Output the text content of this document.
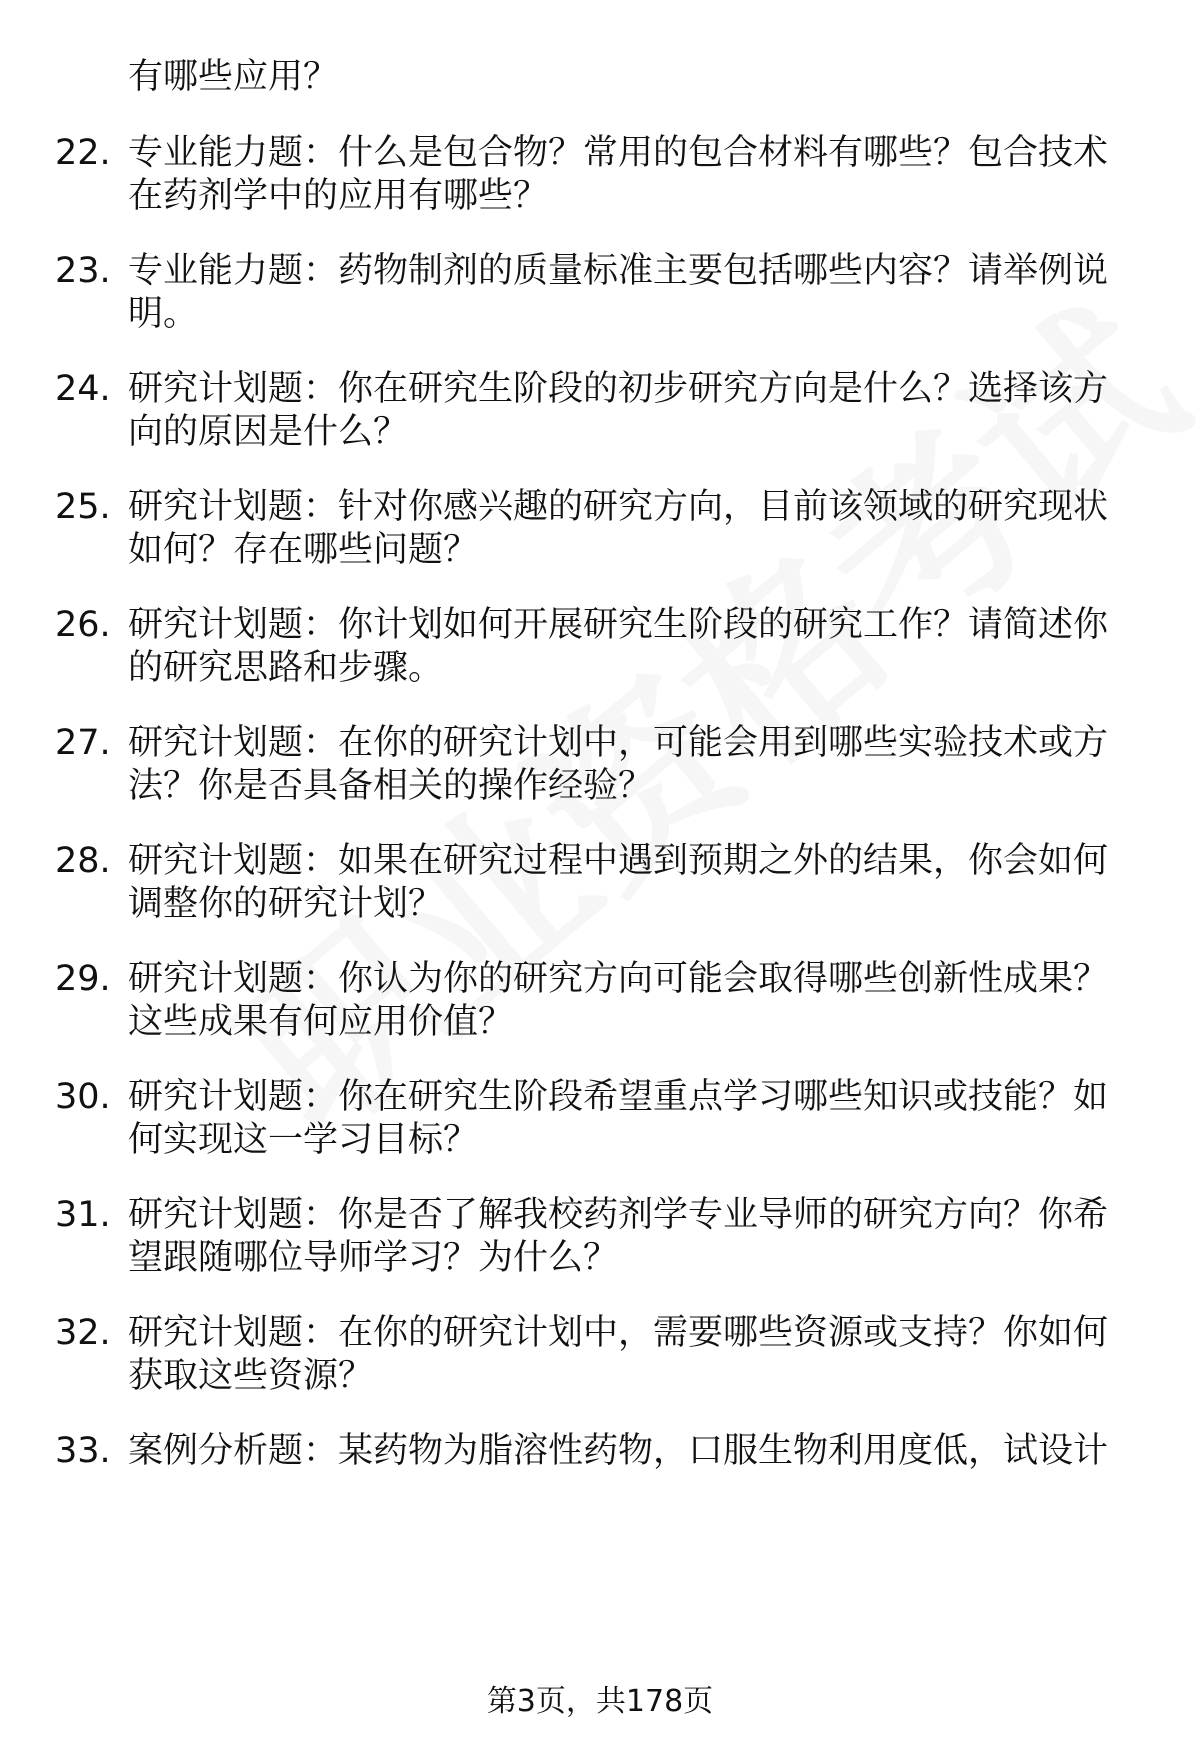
有哪些应用？
22. 专业能力题：什么是包合物？常用的包合材料有哪些？包合技术
在药剂学中的应用有哪些？
23. 专业能力题：药物制剂的质量标准主要包括哪些内容？请举例说
明。
24. 研究计划题：你在研究生阶段的初步研究方向是什么？选择该方
向的原因是什么？
25. 研究计划题：针对你感兴趣的研究方向，目前该领域的研究现状
如何？存在哪些问题？
26. 研究计划题：你计划如何开展研究生阶段的研究工作？请简述你
的研究思路和步骤。
27. 研究计划题：在你的研究计划中，可能会用到哪些实验技术或方
法？你是否具备相关的操作经验？
28. 研究计划题：如果在研究过程中遇到预期之外的结果，你会如何
调整你的研究计划？
29. 研究计划题：你认为你的研究方向可能会取得哪些创新性成果？
这些成果有何应用价值？
30. 研究计划题：你在研究生阶段希望重点学习哪些知识或技能？如
何实现这一学习目标？
31. 研究计划题：你是否了解我校药剂学专业导师的研究方向？你希
望跟随哪位导师学习？为什么？
32. 研究计划题：在你的研究计划中，需要哪些资源或支持？你如何
获取这些资源？
33. 案例分析题：某药物为脂溶性药物，口服生物利用度低，试设计
第3页，共178页
